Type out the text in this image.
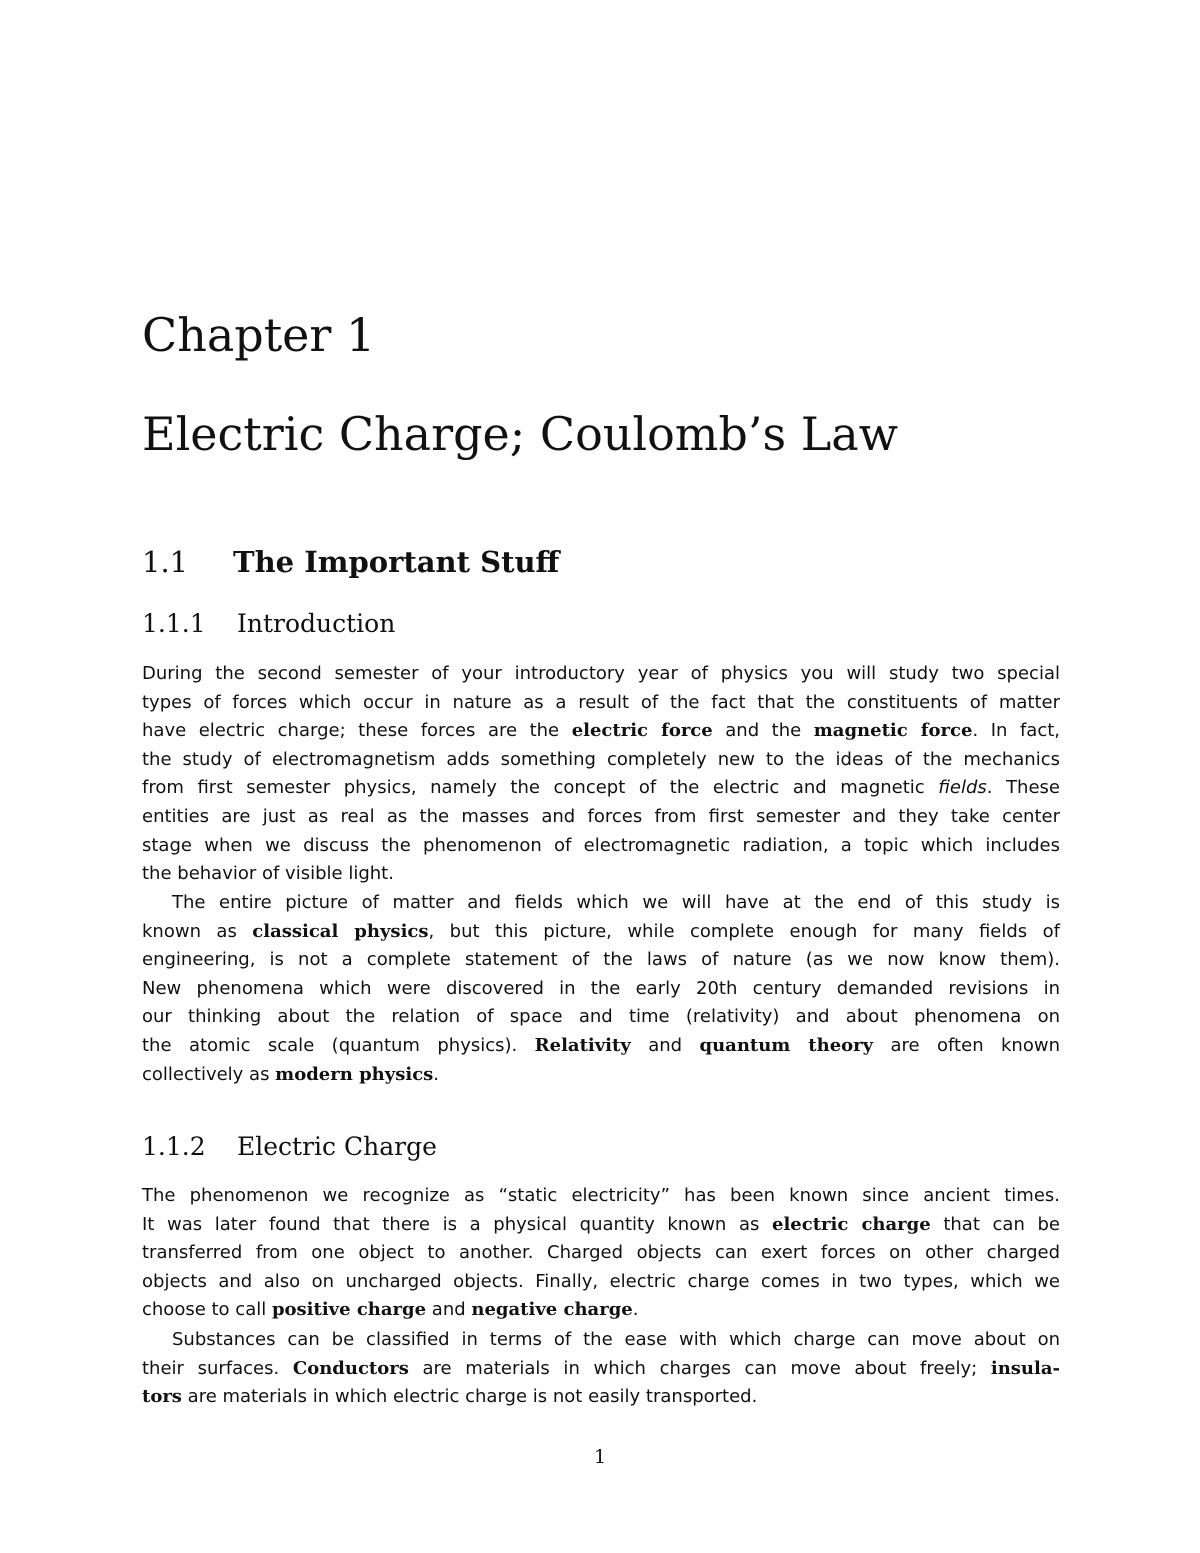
Chapter 1
Electric Charge; Coulomb’s Law
1.1 The Important Stuff
1.1.1 Introduction
During the second semester of your introductory year of physics you will study two special
types of forces which occur in nature as a result of the fact that the constituents of matter
have electric charge; these forces are the electric force and the magnetic force. In fact,
the study of electromagnetism adds something completely new to the ideas of the mechanics
from first semester physics, namely the concept of the electric and magnetic fields. These
entities are just as real as the masses and forces from first semester and they take center
stage when we discuss the phenomenon of electromagnetic radiation, a topic which includes
the behavior of visible light.
The entire picture of matter and fields which we will have at the end of this study is
known as classical physics, but this picture, while complete enough for many fields of
engineering, is not a complete statement of the laws of nature (as we now know them).
New phenomena which were discovered in the early 20th century demanded revisions in
our thinking about the relation of space and time (relativity) and about phenomena on
the atomic scale (quantum physics). Relativity and quantum theory are often known
collectively as modern physics.
1.1.2 Electric Charge
The phenomenon we recognize as “static electricity” has been known since ancient times.
It was later found that there is a physical quantity known as electric charge that can be
transferred from one object to another. Charged objects can exert forces on other charged
objects and also on uncharged objects. Finally, electric charge comes in two types, which we
choose to call positive charge and negative charge.
Substances can be classified in terms of the ease with which charge can move about on
their surfaces. Conductors are materials in which charges can move about freely; insula-
tors are materials in which electric charge is not easily transported.
1
